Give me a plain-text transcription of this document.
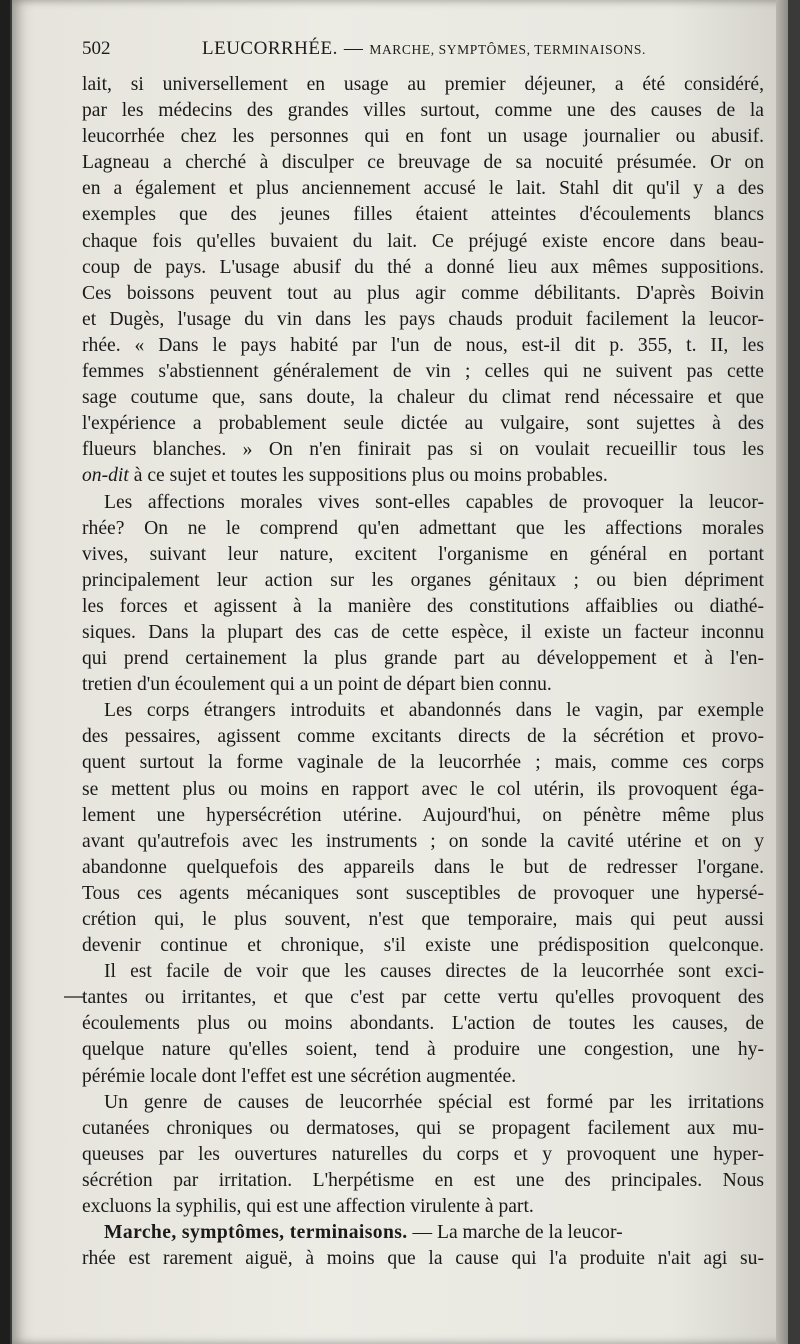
502	LEUCORRHÉE. — MARCHE, SYMPTÔMES, TERMINAISONS.
lait, si universellement en usage au premier déjeuner, a été considéré,
par les médecins des grandes villes surtout, comme une des causes de la
leucorrhée chez les personnes qui en font un usage journalier ou abusif.
Lagneau a cherché à disculper ce breuvage de sa nocuité présumée. Or on
en a également et plus anciennement accusé le lait. Stahl dit qu'il y a des
exemples que des jeunes filles étaient atteintes d'écoulements blancs
chaque fois qu'elles buvaient du lait. Ce préjugé existe encore dans beau-
coup de pays. L'usage abusif du thé a donné lieu aux mêmes suppositions.
Ces boissons peuvent tout au plus agir comme débilitants. D'après Boivin
et Dugès, l'usage du vin dans les pays chauds produit facilement la leucor-
rhée. « Dans le pays habité par l'un de nous, est-il dit p. 355, t. II, les
femmes s'abstiennent généralement de vin ; celles qui ne suivent pas cette
sage coutume que, sans doute, la chaleur du climat rend nécessaire et que
l'expérience a probablement seule dictée au vulgaire, sont sujettes à des
flueurs blanches. » On n'en finirait pas si on voulait recueillir tous les
on-dit à ce sujet et toutes les suppositions plus ou moins probables.
Les affections morales vives sont-elles capables de provoquer la leucor-
rhée? On ne le comprend qu'en admettant que les affections morales
vives, suivant leur nature, excitent l'organisme en général en portant
principalement leur action sur les organes génitaux ; ou bien dépriment
les forces et agissent à la manière des constitutions affaiblies ou diathé-
siques. Dans la plupart des cas de cette espèce, il existe un facteur inconnu
qui prend certainement la plus grande part au développement et à l'en-
tretien d'un écoulement qui a un point de départ bien connu.
Les corps étrangers introduits et abandonnés dans le vagin, par exemple
des pessaires, agissent comme excitants directs de la sécrétion et provo-
quent surtout la forme vaginale de la leucorrhée ; mais, comme ces corps
se mettent plus ou moins en rapport avec le col utérin, ils provoquent éga-
lement une hypersécrétion utérine. Aujourd'hui, on pénètre même plus
avant qu'autrefois avec les instruments ; on sonde la cavité utérine et on y
abandonne quelquefois des appareils dans le but de redresser l'organe.
Tous ces agents mécaniques sont susceptibles de provoquer une hypersé-
crétion qui, le plus souvent, n'est que temporaire, mais qui peut aussi
devenir continue et chronique, s'il existe une prédisposition quelconque.
Il est facile de voir que les causes directes de la leucorrhée sont exci-
tantes ou irritantes, et que c'est par cette vertu qu'elles provoquent des
écoulements plus ou moins abondants. L'action de toutes les causes, de
quelque nature qu'elles soient, tend à produire une congestion, une hy-
pérémie locale dont l'effet est une sécrétion augmentée.
Un genre de causes de leucorrhée spécial est formé par les irritations
cutanées chroniques ou dermatoses, qui se propagent facilement aux mu-
queuses par les ouvertures naturelles du corps et y provoquent une hyper-
sécrétion par irritation. L'herpétisme en est une des principales. Nous
excluons la syphilis, qui est une affection virulente à part.
Marche, symptômes, terminaisons. — La marche de la leucor-
rhée est rarement aiguë, à moins que la cause qui l'a produite n'ait agi su-
